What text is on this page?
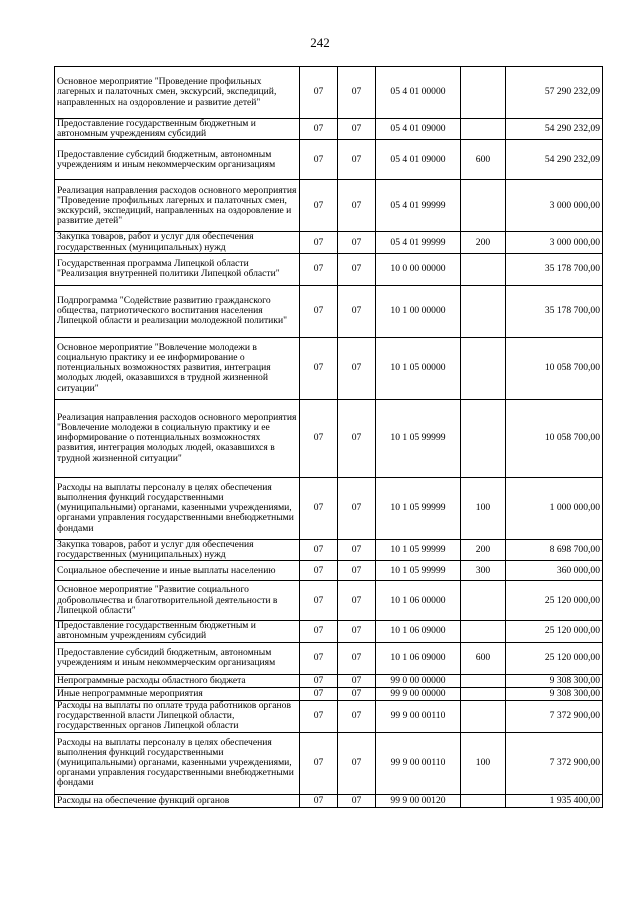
242
Основное мероприятие "Проведение профильных лагерных и палаточных смен, экскурсий, экспедиций, направленных на оздоровление и развитие детей"	07	07	05 4 01 00000		57 290 232,09
Предоставление государственным бюджетным и автономным учреждениям субсидий	07	07	05 4 01 09000		54 290 232,09
Предоставление субсидий бюджетным, автономным учреждениям и иным некоммерческим организациям	07	07	05 4 01 09000	600	54 290 232,09
Реализация направления расходов основного мероприятия "Проведение профильных лагерных и палаточных смен, экскурсий, экспедиций, направленных на оздоровление и развитие детей"	07	07	05 4 01 99999		3 000 000,00
Закупка товаров, работ и услуг для обеспечения государственных (муниципальных) нужд	07	07	05 4 01 99999	200	3 000 000,00
Государственная программа Липецкой области "Реализация внутренней политики Липецкой области"	07	07	10 0 00 00000		35 178 700,00
Подпрограмма "Содействие развитию гражданского общества, патриотического воспитания населения Липецкой области и реализации молодежной политики"	07	07	10 1 00 00000		35 178 700,00
Основное мероприятие "Вовлечение молодежи в социальную практику и ее информирование о потенциальных возможностях развития, интеграция молодых людей, оказавшихся в трудной жизненной ситуации"	07	07	10 1 05 00000		10 058 700,00
Реализация направления расходов основного мероприятия "Вовлечение молодежи в социальную практику и ее информирование о потенциальных возможностях развития, интеграция молодых людей, оказавшихся в трудной жизненной ситуации"	07	07	10 1 05 99999		10 058 700,00
Расходы на выплаты персоналу в целях обеспечения выполнения функций государственными (муниципальными) органами, казенными учреждениями, органами управления государственными внебюджетными фондами	07	07	10 1 05 99999	100	1 000 000,00
Закупка товаров, работ и услуг для обеспечения государственных (муниципальных) нужд	07	07	10 1 05 99999	200	8 698 700,00
Социальное обеспечение и иные выплаты населению	07	07	10 1 05 99999	300	360 000,00
Основное мероприятие "Развитие социального добровольчества и благотворительной деятельности в Липецкой области"	07	07	10 1 06 00000		25 120 000,00
Предоставление государственным бюджетным и автономным учреждениям субсидий	07	07	10 1 06 09000		25 120 000,00
Предоставление субсидий бюджетным, автономным учреждениям и иным некоммерческим организациям	07	07	10 1 06 09000	600	25 120 000,00
Непрограммные расходы областного бюджета	07	07	99 0 00 00000		9 308 300,00
Иные непрограммные мероприятия	07	07	99 9 00 00000		9 308 300,00
Расходы на выплаты по оплате труда работников органов государственной власти Липецкой области, государственных органов Липецкой области	07	07	99 9 00 00110		7 372 900,00
Расходы на выплаты персоналу в целях обеспечения выполнения функций государственными (муниципальными) органами, казенными учреждениями, органами управления государственными внебюджетными фондами	07	07	99 9 00 00110	100	7 372 900,00
Расходы на обеспечение функций органов	07	07	99 9 00 00120		1 935 400,00
